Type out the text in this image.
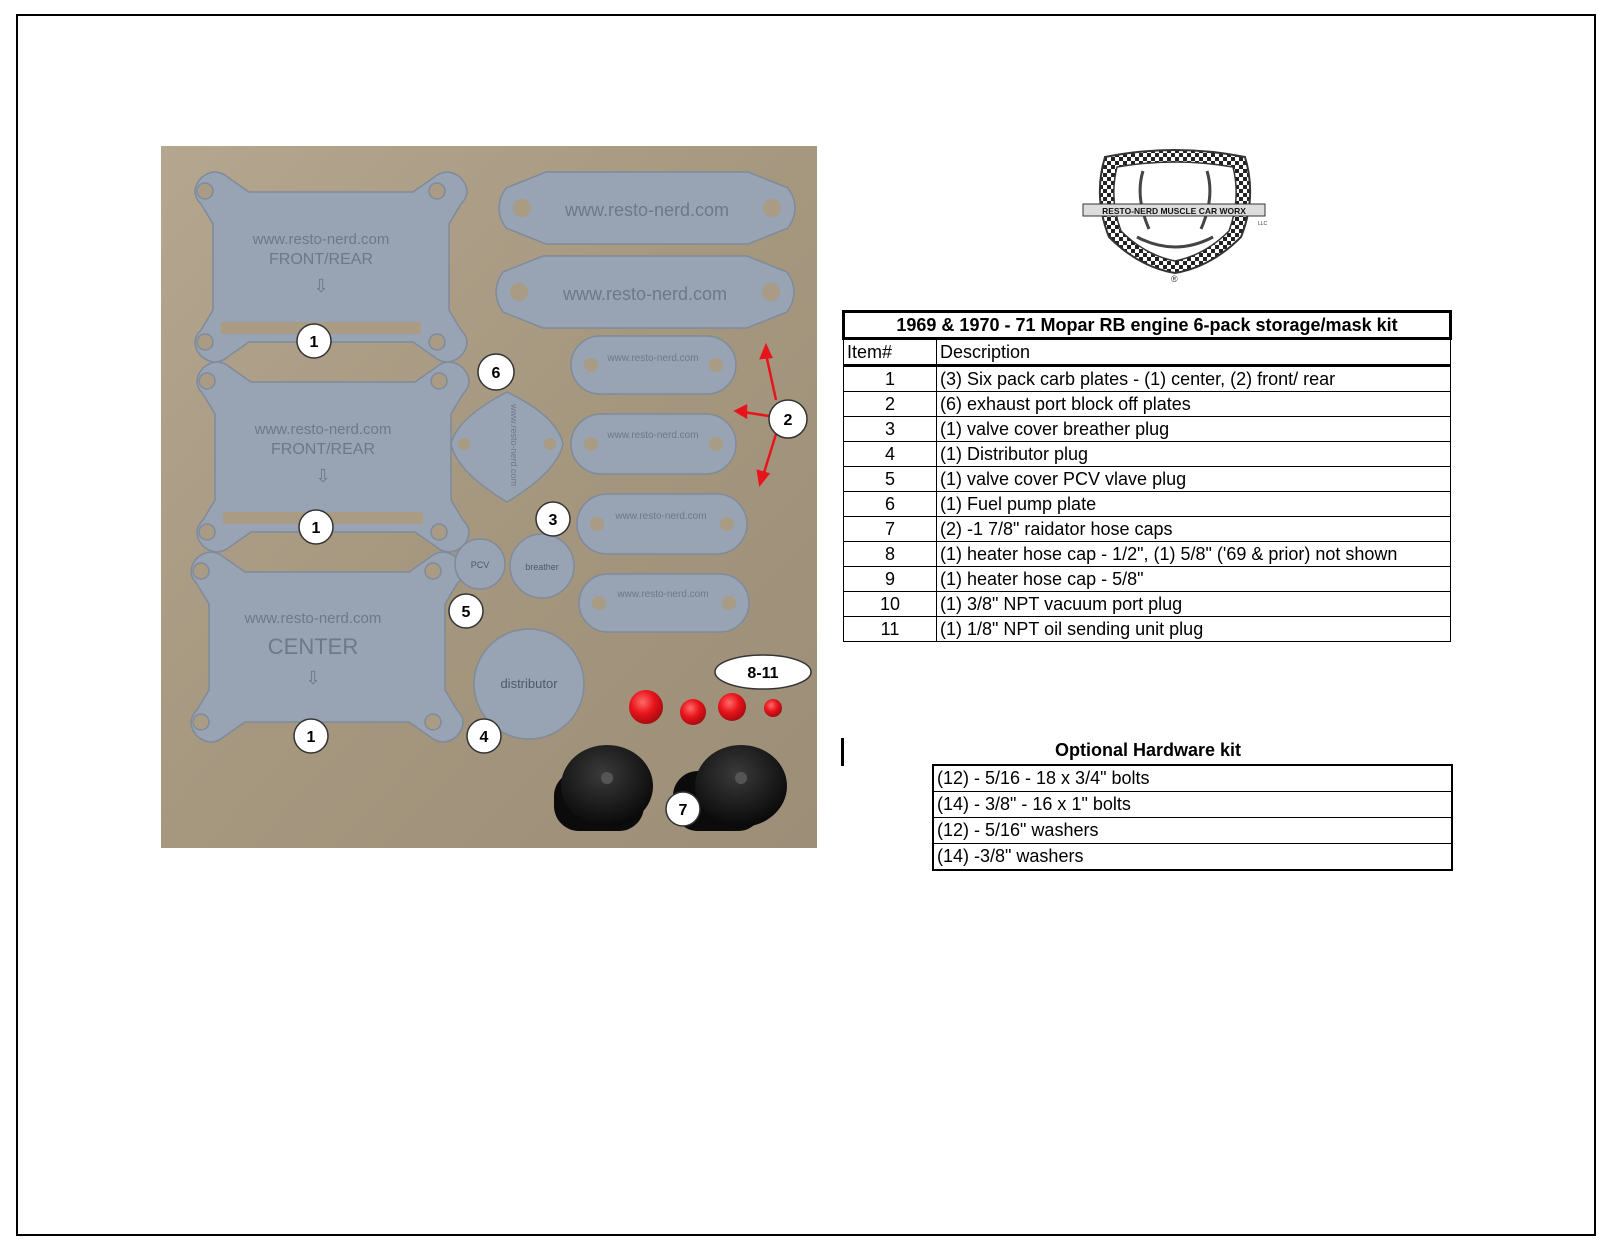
www.resto-nerd.com
FRONT/REAR
⇩
www.resto-nerd.com
FRONT/REAR
⇩
www.resto-nerd.com
CENTER
⇩
www.resto-nerd.com
www.resto-nerd.com
www.resto-nerd.com
www.resto-nerd.com
www.resto-nerd.com
www.resto-nerd.com
www.resto-nerd.com
breather
PCV
distributor
1
1
1
2
3
4
5
6
7
8-11
RESTO-NERD MUSCLE CAR WORX
LLC
®
1969 & 1970 - 71 Mopar RB engine 6-pack storage/mask kit	
Item#	Description
1	(3) Six pack carb plates - (1) center, (2) front/ rear
2	(6) exhaust port block off plates
3	(1) valve cover breather plug
4	(1) Distributor plug
5	(1) valve cover PCV vlave plug
6	(1) Fuel pump plate
7	(2) -1 7/8" raidator hose caps
8	(1) heater hose cap - 1/2", (1) 5/8" ('69 & prior) not shown
9	(1) heater hose cap - 5/8"
10	(1) 3/8" NPT vacuum port plug
11	(1) 1/8" NPT oil sending unit plug
Optional Hardware kit
(12) - 5/16 - 18 x 3/4" bolts
(14) - 3/8" - 16 x 1" bolts
(12) - 5/16" washers
(14) -3/8" washers
